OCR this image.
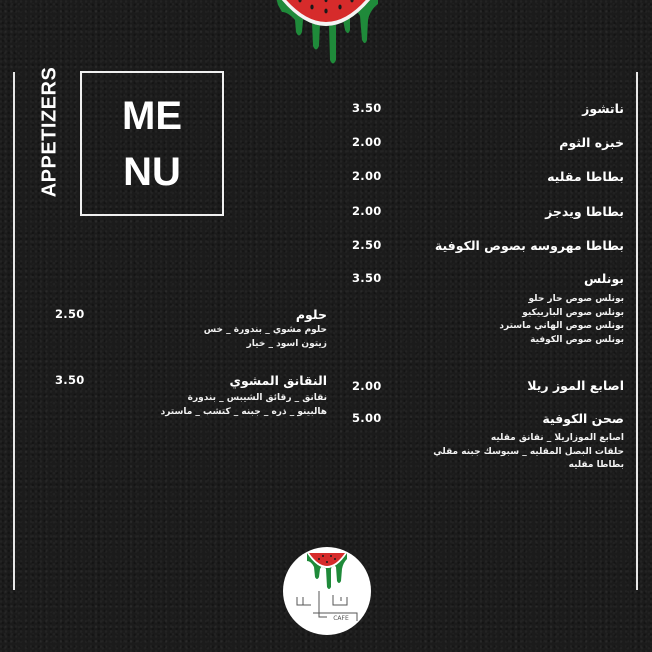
APPETIZERS ME
NU
ناتشوز
3.50
خبزه الثوم
2.00
بطاطا مقليه
2.00
بطاطا ويدجز
2.00
بطاطا مهروسه بصوص الكوفية
2.50
بونلس
3.50
بونلس صوص حار حلو
بونلس صوص الباربيكيو
بونلس صوص الهاني ماسترد
بونلس صوص الكوفية
اصابع الموز ريلا
2.00
صحن الكوفية
5.00
اصابع الموزاريلا _ نقانق مقليه
حلقات البصل المقليه _ سبوسك جبنه مقلي
بطاطا مقليه
حلوم
2.50
حلوم مشوي _ بندورة _ خس
زيتون اسود _ خيار
النقانق المشوي
3.50
نقانق _ رقائق الشيبس _ بندورة
هالبينو _ ذره _ جبنه _ كتشب _ ماسترد
CAFE
